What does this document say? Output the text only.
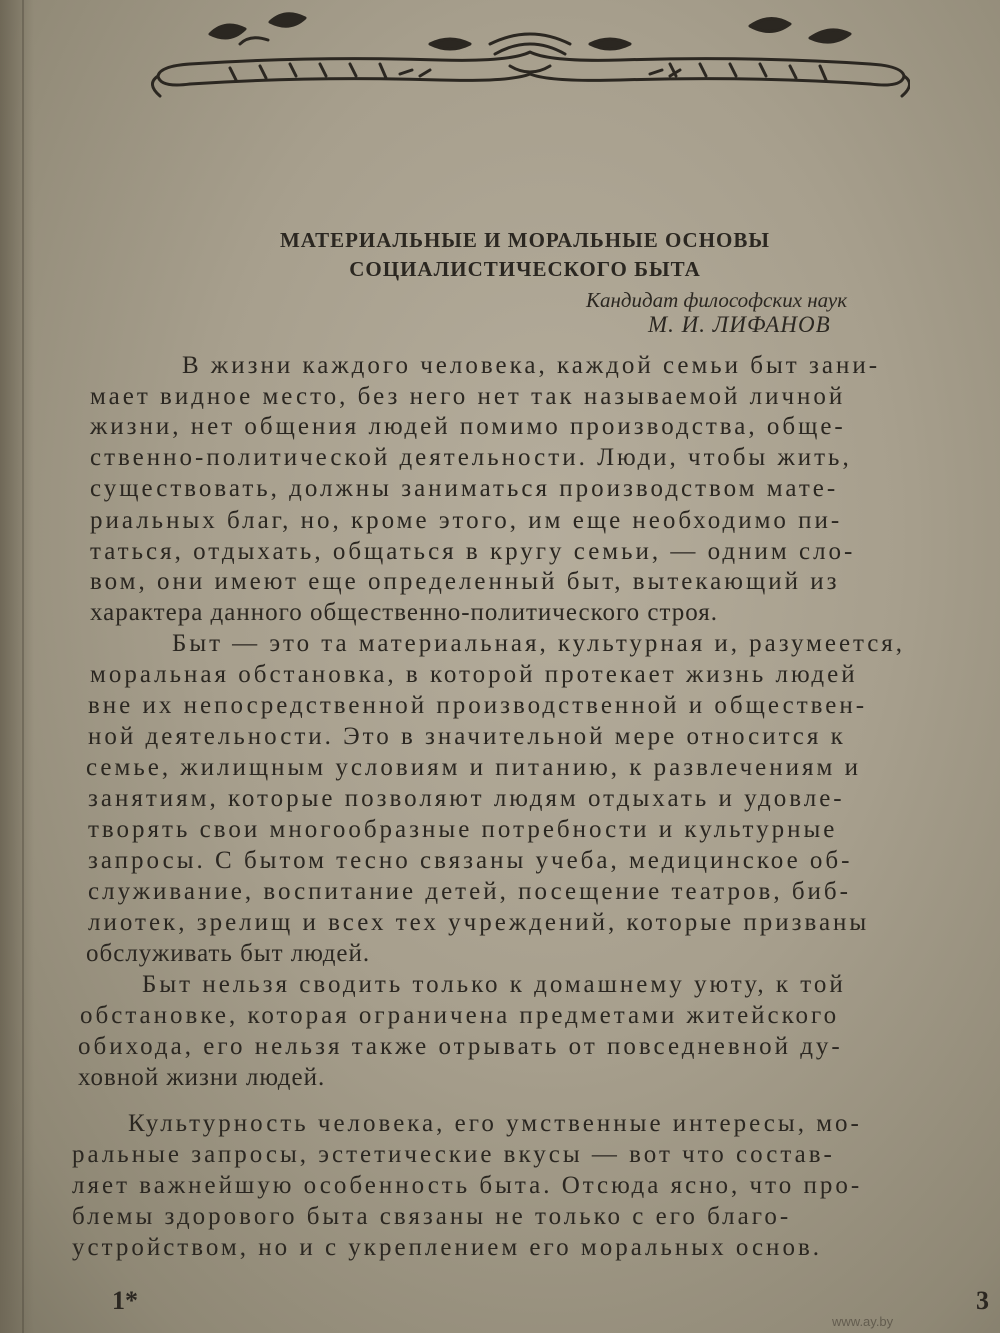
МАТЕРИАЛЬНЫЕ И МОРАЛЬНЫЕ ОСНОВЫ
СОЦИАЛИСТИЧЕСКОГО БЫТА
Кандидат философских наук
М. И. ЛИФАНОВ
В жизни каждого человека, каждой семьи быт зани-
мает видное место, без него нет так называемой личной
жизни, нет общения людей помимо производства, обще-
ственно-политической деятельности. Люди, чтобы жить,
существовать, должны заниматься производством мате-
риальных благ, но, кроме этого, им еще необходимо пи-
таться, отдыхать, общаться в кругу семьи, — одним сло-
вом, они имеют еще определенный быт, вытекающий из
характера данного общественно-политического строя.
Быт — это та материальная, культурная и, разумеется,
моральная обстановка, в которой протекает жизнь людей
вне их непосредственной производственной и обществен-
ной деятельности. Это в значительной мере относится к
семье, жилищным условиям и питанию, к развлечениям и
занятиям, которые позволяют людям отдыхать и удовле-
творять свои многообразные потребности и культурные
запросы. С бытом тесно связаны учеба, медицинское об-
служивание, воспитание детей, посещение театров, биб-
лиотек, зрелищ и всех тех учреждений, которые призваны
обслуживать быт людей.
Быт нельзя сводить только к домашнему уюту, к той
обстановке, которая ограничена предметами житейского
обихода, его нельзя также отрывать от повседневной ду-
ховной жизни людей.
Культурность человека, его умственные интересы, мо-
ральные запросы, эстетические вкусы — вот что состав-
ляет важнейшую особенность быта. Отсюда ясно, что про-
блемы здорового быта связаны не только с его благо-
устройством, но и с укреплением его моральных основ.
1*	3
www.ay.by
